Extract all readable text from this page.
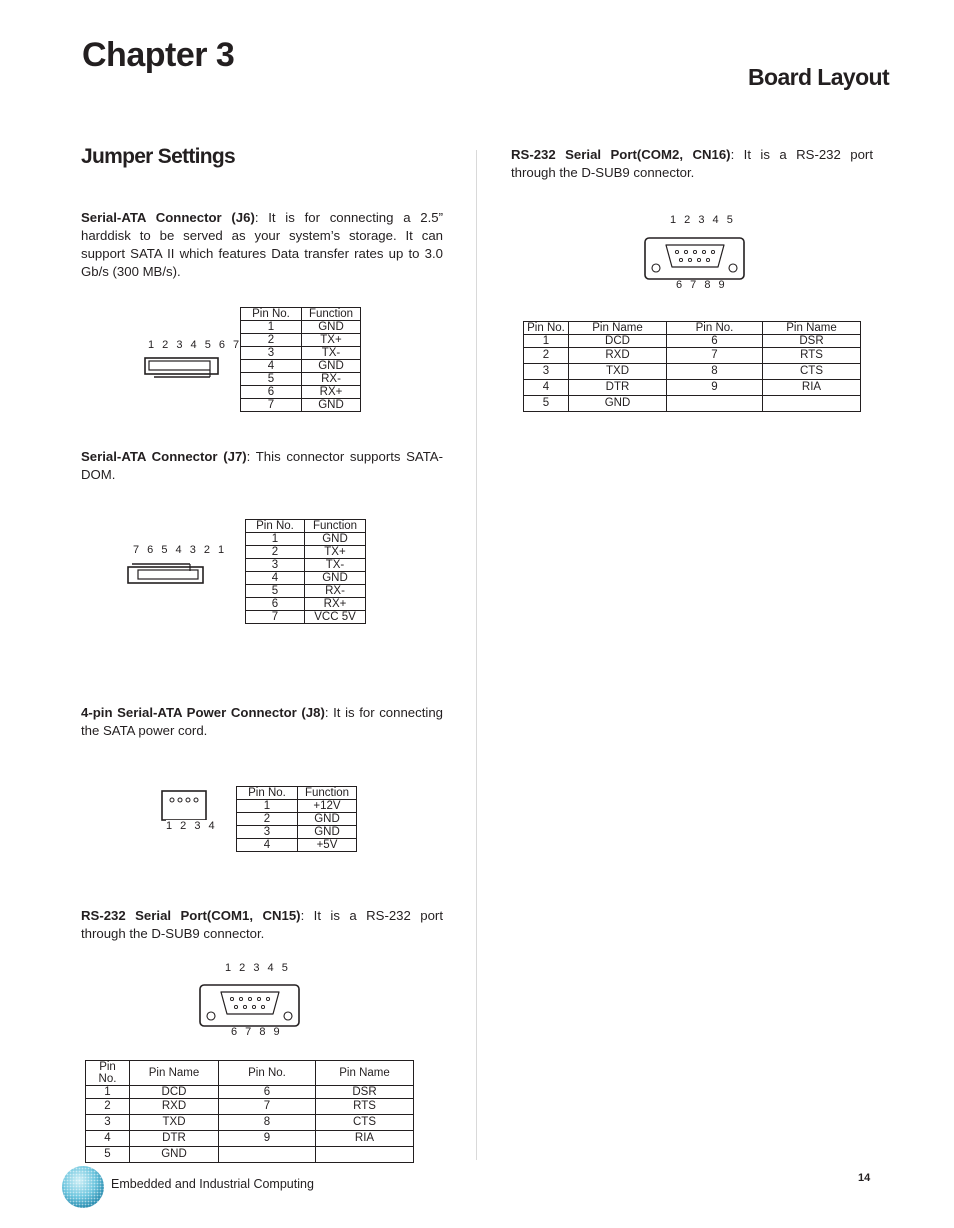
Chapter 3
Board Layout
Jumper Settings
Serial-ATA Connector (J6): It is for connecting a 2.5” harddisk to be served as your system’s storage. It can support SATA II which features Data transfer rates up to 3.0 Gb/s (300 MB/s).
1 2 3 4 5 6 7
Pin No.	Function
1	GND
2	TX+
3	TX-
4	GND
5	RX-
6	RX+
7	GND
Serial-ATA Connector (J7): This connector supports SATA-DOM.
7 6 5 4 3 2 1
Pin No.	Function
1	GND
2	TX+
3	TX-
4	GND
5	RX-
6	RX+
7	VCC 5V
4-pin Serial-ATA Power Connector (J8): It is for connecting the SATA power cord.
1 2 3 4
Pin No.	Function
1	+12V
2	GND
3	GND
4	+5V
RS-232 Serial Port(COM1, CN15): It is a RS-232 port through the D-SUB9 connector.
1 2 3 4 5
6 7 8 9
Pin No.	Pin Name	Pin No.	Pin Name
1	DCD	6	DSR
2	RXD	7	RTS
3	TXD	8	CTS
4	DTR	9	RIA
5	GND		
RS-232 Serial Port(COM2, CN16): It is a RS-232 port through the D-SUB9 connector.
1 2 3 4 5
6 7 8 9
Pin No.	Pin Name	Pin No.	Pin Name
1	DCD	6	DSR
2	RXD	7	RTS
3	TXD	8	CTS
4	DTR	9	RIA
5	GND		
Embedded and Industrial Computing	14
